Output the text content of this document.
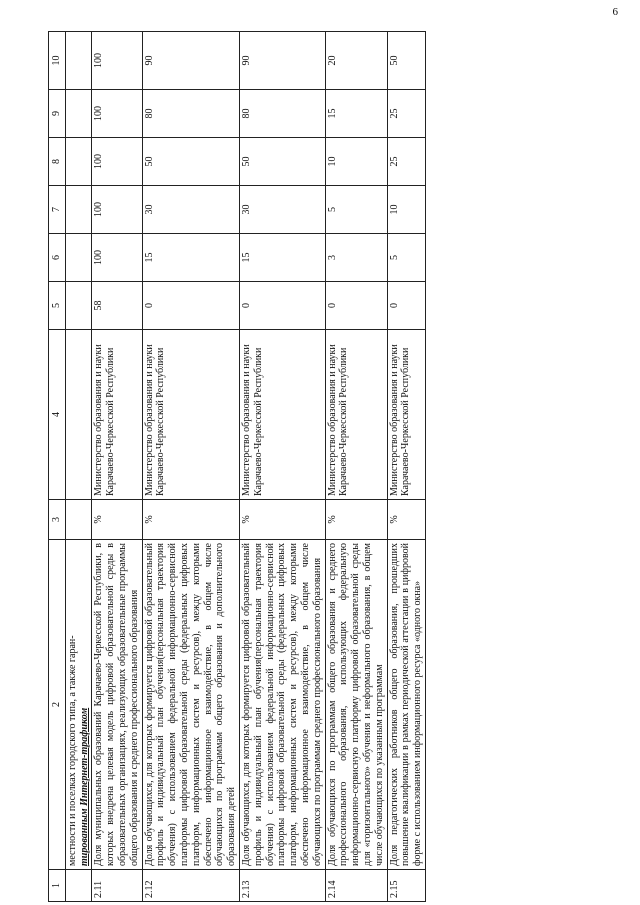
6
1	2	3	4	5	6	7	8	9	10
	местности и поселках городского типа, а также гаран-
тированным Интернет-трафиком								
2.11	Доля муниципальных образований Карачаево-Черкесской Республики, в которых внедрена целевая модель цифровой образовательной среды в образовательных организациях, реализующих образовательные программы общего образования и среднего профессионального образования	%	Министерство образования и науки Карачаево-Черкесской Республики	58	100	100	100	100	100
2.12	Доля обучающихся, для которых формируется цифровой образовательный профиль и индивидуальный план обучения(персональная траектория обучения) с использованием федеральной информационно-сервисной платформы цифровой образовательной среды (федеральных цифровых платформ, информационных систем и ресурсов), между которыми обеспечено информационное взаимодействие, в общем числе обучающихся по программам общего образования и дополнительного образования детей	%	Министерство образования и науки Карачаево-Черкесской Республики	0	15	30	50	80	90
2.13	Доля обучающихся, для которых формируется цифровой образовательный профиль и индивидуальный план обучения(персональная траектория обучения) с использованием федеральной информационно-сервисной платформы цифровой образовательной среды (федеральных цифровых платформ, информационных систем и ресурсов), между которыми обеспечено информационное взаимодействие, в общем числе обучающихся по программам среднего профессионального образования	%	Министерство образования и науки Карачаево-Черкесской Республики	0	15	30	50	80	90
2.14	Доля обучающихся по программам общего образования и среднего профессионального образования, использующих федеральную информационно-сервисную платформу цифровой образовательной среды для «горизонтального» обучения и неформального образования, в общем числе обучающихся по указанным программам	%	Министерство образования и науки Карачаево-Черкесской Республики	0	3	5	10	15	20
2.15	Доля педагогических работников общего образования, прошедших повышение квалификации в рамках периодической аттестации в цифровой форме с использованием информационного ресурса «одного окна»	%	Министерство образования и науки Карачаево-Черкесской Республики	0	5	10	25	25	50
